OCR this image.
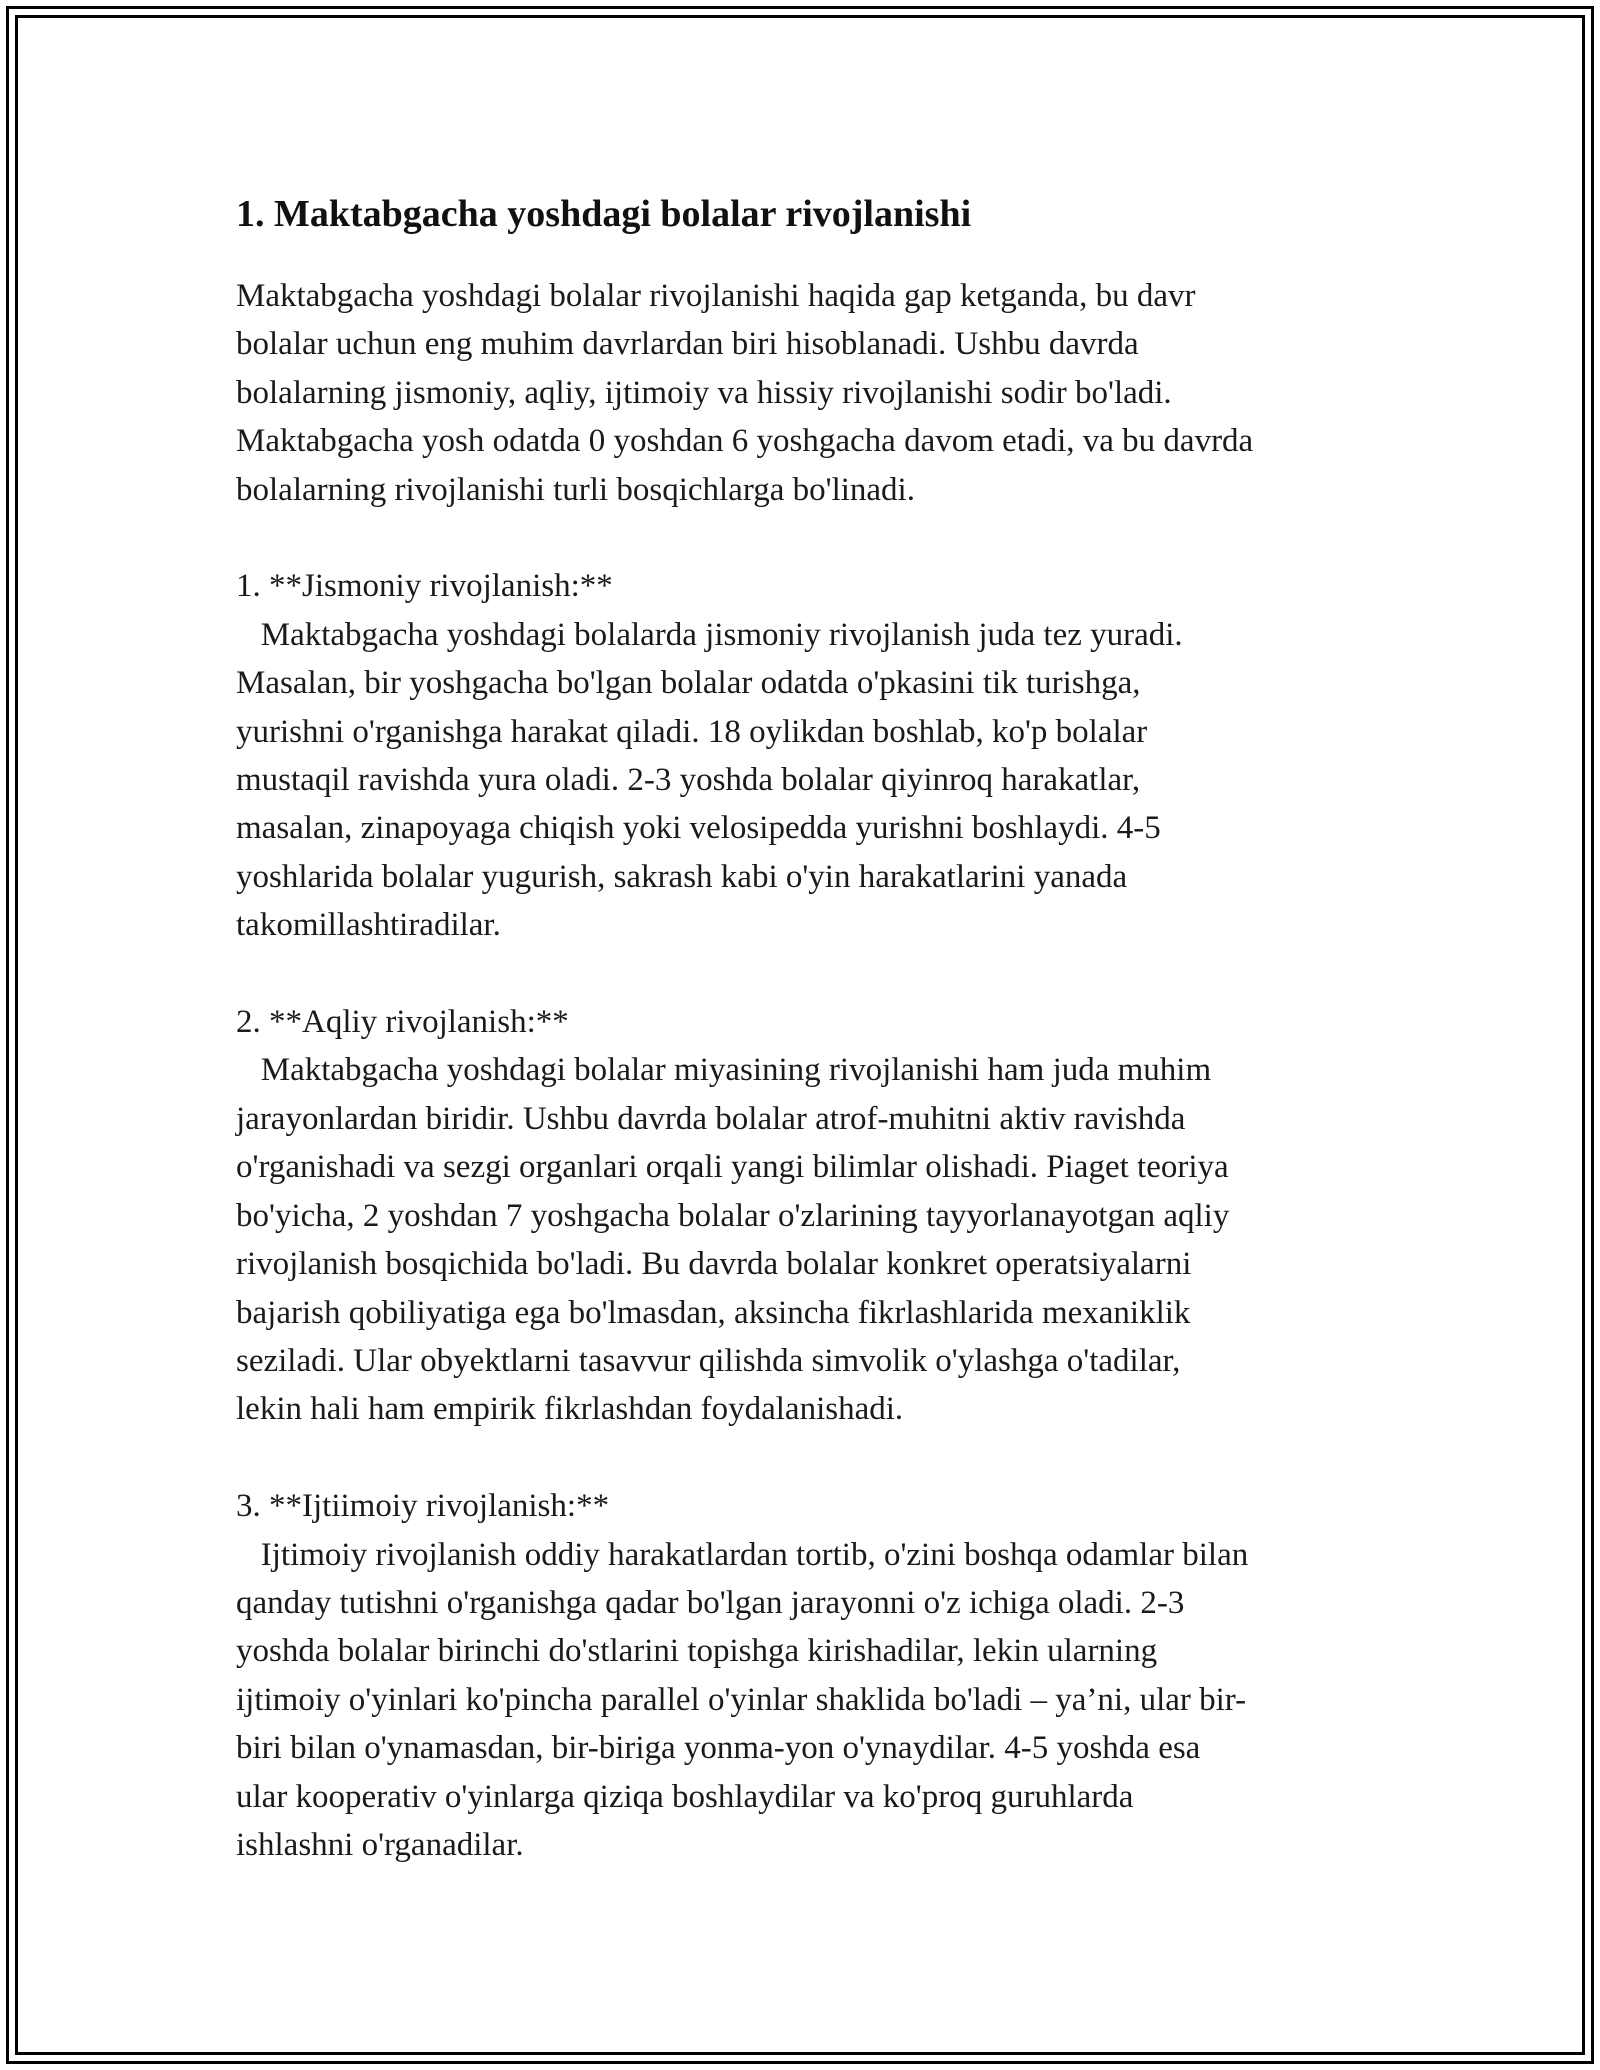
1. Maktabgacha yoshdagi bolalar rivojlanishi

Maktabgacha yoshdagi bolalar rivojlanishi haqida gap ketganda, bu davr

bolalar uchun eng muhim davrlardan biri hisoblanadi. Ushbu davrda

bolalarning jismoniy, aqliy, ijtimoiy va hissiy rivojlanishi sodir bo'ladi.

Maktabgacha yosh odatda 0 yoshdan 6 yoshgacha davom etadi, va bu davrda

bolalarning rivojlanishi turli bosqichlarga bo'linadi.

1. **Jismoniy rivojlanish:**

Maktabgacha yoshdagi bolalarda jismoniy rivojlanish juda tez yuradi.

Masalan, bir yoshgacha bo'lgan bolalar odatda o'pkasini tik turishga,

yurishni o'rganishga harakat qiladi. 18 oylikdan boshlab, ko'p bolalar

mustaqil ravishda yura oladi. 2-3 yoshda bolalar qiyinroq harakatlar,

masalan, zinapoyaga chiqish yoki velosipedda yurishni boshlaydi. 4-5

yoshlarida bolalar yugurish, sakrash kabi o'yin harakatlarini yanada

takomillashtiradilar.

2. **Aqliy rivojlanish:**

Maktabgacha yoshdagi bolalar miyasining rivojlanishi ham juda muhim

jarayonlardan biridir. Ushbu davrda bolalar atrof-muhitni aktiv ravishda

o'rganishadi va sezgi organlari orqali yangi bilimlar olishadi. Piaget teoriya

bo'yicha, 2 yoshdan 7 yoshgacha bolalar o'zlarining tayyorlanayotgan aqliy

rivojlanish bosqichida bo'ladi. Bu davrda bolalar konkret operatsiyalarni

bajarish qobiliyatiga ega bo'lmasdan, aksincha fikrlashlarida mexaniklik

seziladi. Ular obyektlarni tasavvur qilishda simvolik o'ylashga o'tadilar,

lekin hali ham empirik fikrlashdan foydalanishadi.

3. **Ijtiimoiy rivojlanish:**

Ijtimoiy rivojlanish oddiy harakatlardan tortib, o'zini boshqa odamlar bilan

qanday tutishni o'rganishga qadar bo'lgan jarayonni o'z ichiga oladi. 2-3

yoshda bolalar birinchi do'stlarini topishga kirishadilar, lekin ularning

ijtimoiy o'yinlari ko'pincha parallel o'yinlar shaklida bo'ladi – ya’ni, ular bir-

biri bilan o'ynamasdan, bir-biriga yonma-yon o'ynaydilar. 4-5 yoshda esa

ular kooperativ o'yinlarga qiziqa boshlaydilar va ko'proq guruhlarda

ishlashni o'rganadilar.
